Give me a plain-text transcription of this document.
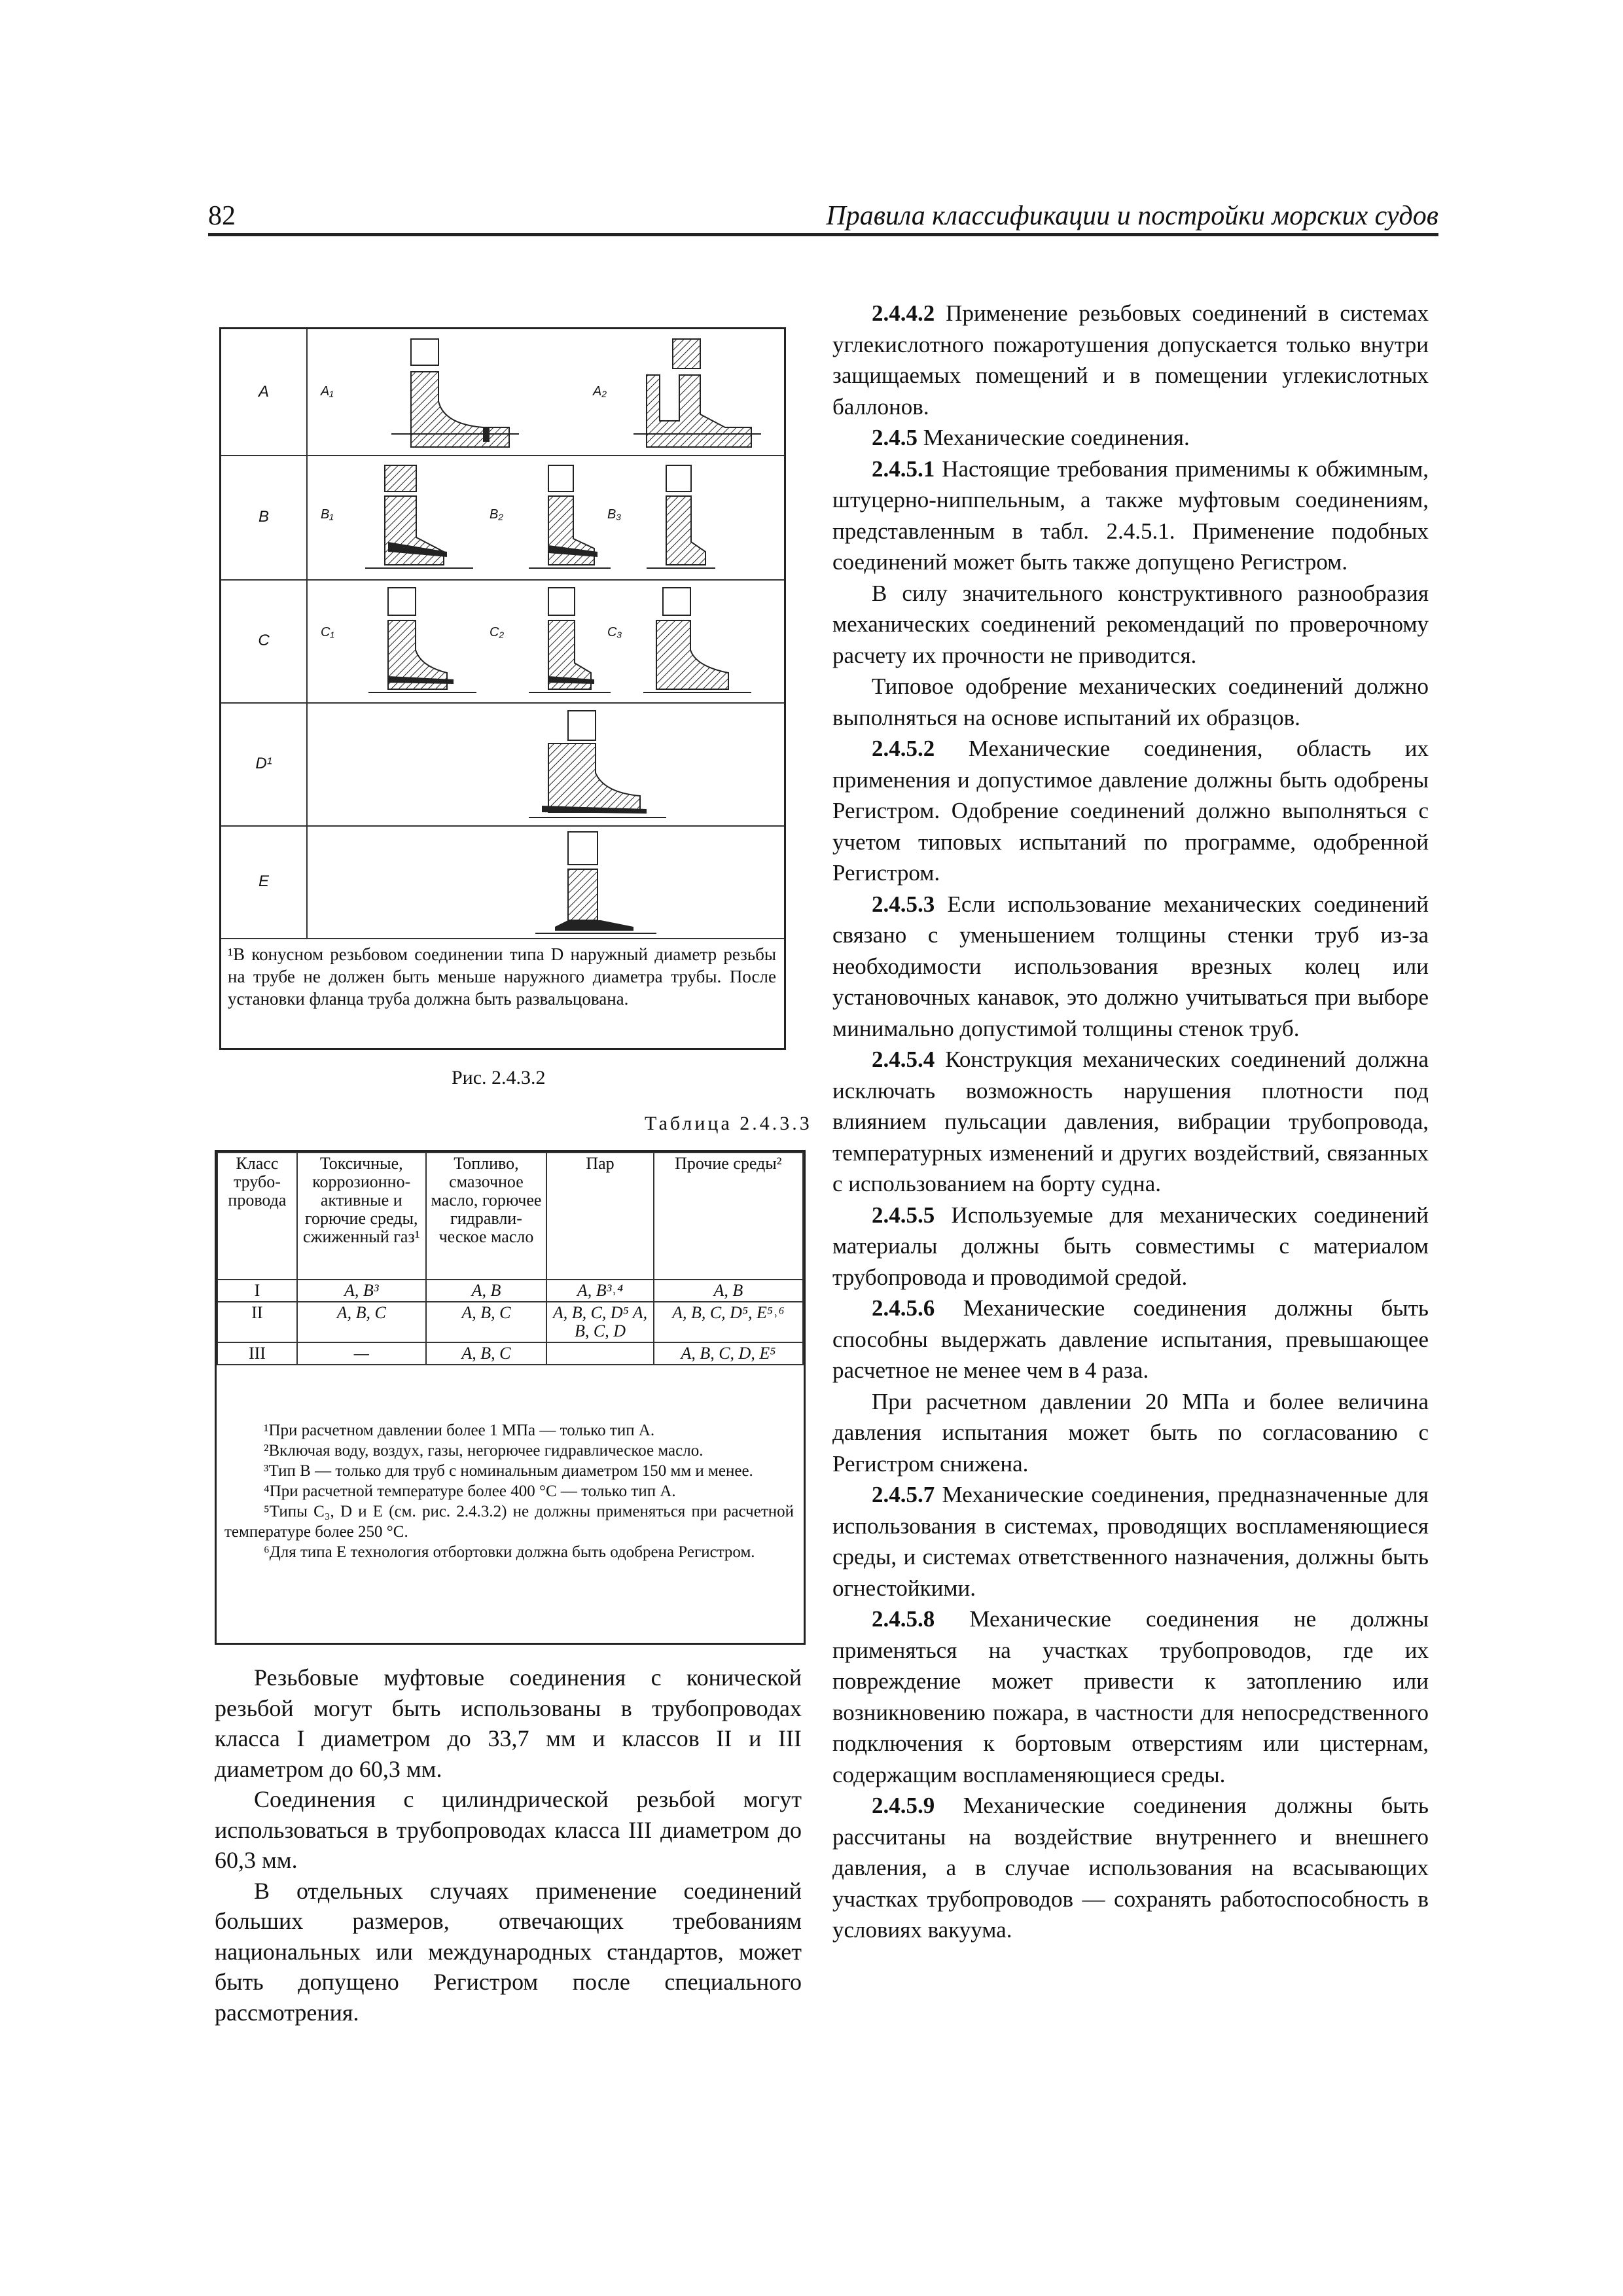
82	Правила классификации и постройки морских судов
A	A₁	A₂
B	B₁	B₂	B₃
C	C₁	C₂	C₃
D¹
E
¹В конусном резьбовом соединении типа D наружный диаметр резьбы на трубе не должен быть меньше наружного диаметра трубы. После установки фланца труба должна быть развальцована.
Рис. 2.4.3.2
Таблица 2.4.3.3
Класс трубо-провода	Токсичные, коррозионно-активные и горючие среды, сжиженный газ¹	Топливо, смазочное масло, горючее гидравли-ческое масло	Пар	Прочие среды²
I	A, B³	A, B	A, B³˒⁴	A, B
II	A, B, C	A, B, C	A, B, C, D⁵ A, B, C, D	A, B, C, D⁵, E⁵˒⁶
III	—	A, B, C		A, B, C, D, E⁵
¹При расчетном давлении более 1 МПа — только тип A.
²Включая воду, воздух, газы, негорючее гидравлическое масло.
³Тип B — только для труб с номинальным диаметром 150 мм и менее.
⁴При расчетной температуре более 400 °C — только тип A.
⁵Типы C₃, D и E (см. рис. 2.4.3.2) не должны применяться при расчетной температуре более 250 °C.
⁶Для типа E технология отбортовки должна быть одобрена Регистром.

Резьбовые муфтовые соединения с конической резьбой могут быть использованы в трубопроводах класса I диаметром до 33,7 мм и классов II и III диаметром до 60,3 мм.

Соединения с цилиндрической резьбой могут использоваться в трубопроводах класса III диаметром до 60,3 мм.

В отдельных случаях применение соединений больших размеров, отвечающих требованиям национальных или международных стандартов, может быть допущено Регистром после специального рассмотрения.

2.4.4.2 Применение резьбовых соединений в системах углекислотного пожаротушения допускается только внутри защищаемых помещений и в помещении углекислотных баллонов.

2.4.5 Механические соединения.

2.4.5.1 Настоящие требования применимы к обжимным, штуцерно-ниппельным, а также муфтовым соединениям, представленным в табл. 2.4.5.1. Применение подобных соединений может быть также допущено Регистром.

В силу значительного конструктивного разнообразия механических соединений рекомендаций по проверочному расчету их прочности не приводится.

Типовое одобрение механических соединений должно выполняться на основе испытаний их образцов.

2.4.5.2 Механические соединения, область их применения и допустимое давление должны быть одобрены Регистром. Одобрение соединений должно выполняться с учетом типовых испытаний по программе, одобренной Регистром.

2.4.5.3 Если использование механических соединений связано с уменьшением толщины стенки труб из-за необходимости использования врезных колец или установочных канавок, это должно учитываться при выборе минимально допустимой толщины стенок труб.

2.4.5.4 Конструкция механических соединений должна исключать возможность нарушения плотности под влиянием пульсации давления, вибрации трубопровода, температурных изменений и других воздействий, связанных с использованием на борту судна.

2.4.5.5 Используемые для механических соединений материалы должны быть совместимы с материалом трубопровода и проводимой средой.

2.4.5.6 Механические соединения должны быть способны выдержать давление испытания, превышающее расчетное не менее чем в 4 раза.

При расчетном давлении 20 МПа и более величина давления испытания может быть по согласованию с Регистром снижена.

2.4.5.7 Механические соединения, предназначенные для использования в системах, проводящих воспламеняющиеся среды, и системах ответственного назначения, должны быть огнестойкими.

2.4.5.8 Механические соединения не должны применяться на участках трубопроводов, где их повреждение может привести к затоплению или возникновению пожара, в частности для непосредственного подключения к бортовым отверстиям или цистернам, содержащим воспламеняющиеся среды.

2.4.5.9 Механические соединения должны быть рассчитаны на воздействие внутреннего и внешнего давления, а в случае использования на всасывающих участках трубопроводов — сохранять работоспособность в условиях вакуума.
